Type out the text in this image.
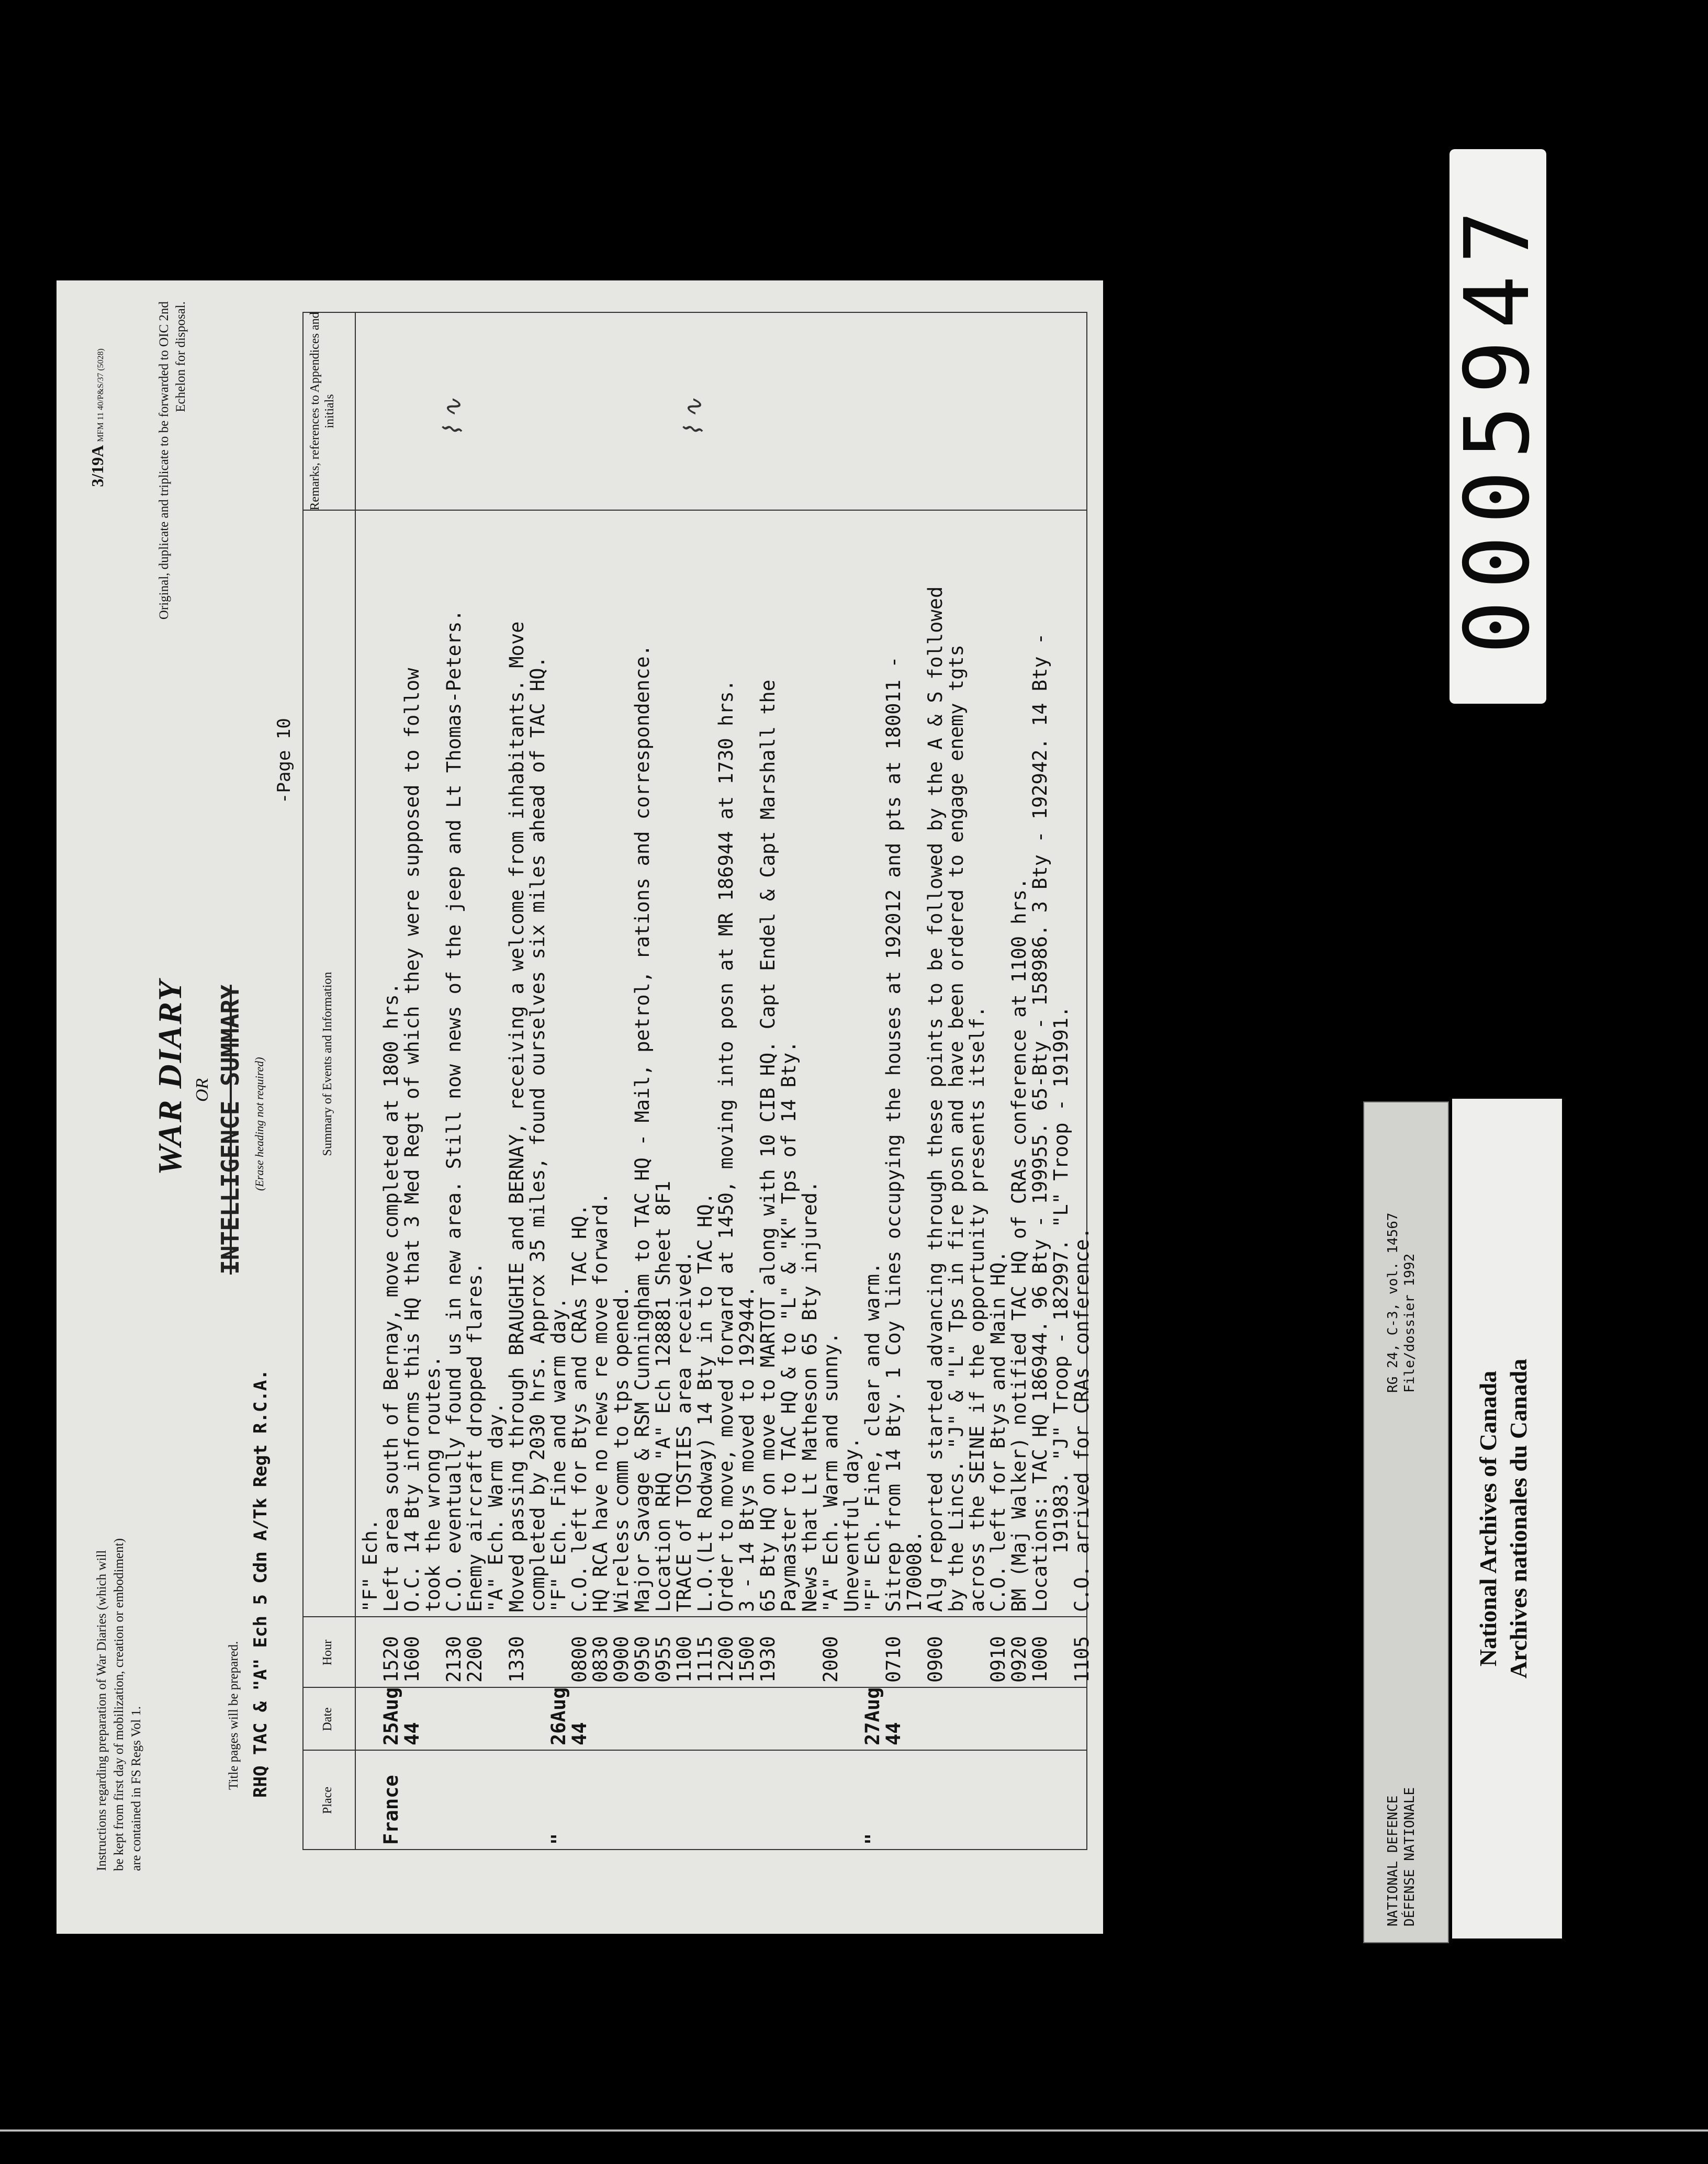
Instructions regarding preparation of War Diaries (which will be kept from first day of mobilization, creation or embodiment) are contained in FS Regs Vol 1.	Title pages will be prepared.
3/19A MFM 11 40/P&S/37 (5028)
WAR DIARY OR INTELLIGENCE SUMMARY (Erase heading not required)
Original, duplicate and triplicate to be forwarded to OIC 2nd Echelon for disposal.
RHQ TAC & "A" Ech 5 Cdn A/Tk Regt R.C.A.
-Page 10
Place
Date
Hour
Summary of Events and Information
Remarks, references to Appendices and initials
"F" Ech.
France
25Aug
1520
Left area south of Bernay, move completed at 1800 hrs.
44
1600
O.C. 14 Bty informs this HQ that 3 Med Regt of which they were supposed to follow
took the wrong routes.
2130
C.O. eventually found us in new area. Still now news of the jeep and Lt Thomas-Peters.
2200
Enemy aircraft dropped flares.
"A" Ech. Warm day.
1330
Moved passing through BRAUGHIE and BERNAY, receiving a welcome from inhabitants. Move
completed by 2030 hrs. Approx 35 miles, found ourselves six miles ahead of TAC HQ.
"
26Aug
"F" Ech. Fine and warm day.
44
0800
C.O. left for Btys and CRAs TAC HQ.
0830
HQ RCA have no news re move forward.
0900
Wireless comm to tps opened.
0950
Major Savage & RSM Cunningham to TAC HQ - Mail, petrol, rations and correspondence.
0955
Location RHQ "A" Ech 128881 Sheet 8F1
1100
TRACE of TOSTIES area received.
1115
L.O.(Lt Rodway) 14 Bty in to TAC HQ.
1200
Order to move, moved forward at 1450, moving into posn at MR 186944 at 1730 hrs.
1500
3 - 14 Btys moved to 192944.
1930
65 Bty HQ on move to MARTOT along with 10 CIB HQ. Capt Endel & Capt Marshall the
Paymaster to TAC HQ & to "L" & "K" Tps of 14 Bty.
News that Lt Matheson 65 Bty injured.
2000
"A" Ech. Warm and sunny.
Uneventful day.
"
27Aug
"F" Ech. Fine, clear and warm.
44
0710
Sitrep from 14 Bty. 1 Coy lines occupying the houses at 192012 and pts at 180011 -
170008.
0900
Alg reported started advancing through these points to be followed by the A & S followed
by the Lincs. "J" & "L" Tps in fire posn and have been ordered to engage enemy tgts
across the SEINE if the opportunity presents itself.
0910
C.O. left for Btys and Main HQ.
0920
BM (Maj Walker) notified TAC HQ of CRAs conference at 1100 hrs.
1000
Locations: TAC HQ 186944. 96 Bty - 199955. 65-Bty - 158986. 3 Bty - 192942. 14 Bty -
191983. "J" Troop - 182997. "L" Troop - 191991.
1105
C.O. arrived for CRAs conference.
⌇ ∿	⌇ ∿
NATIONAL DEFENCE DÉFENSE NATIONALE
RG 24, C-3, vol. 14567 File/dossier 1992
National Archives of Canada Archives nationales du Canada
0005947
